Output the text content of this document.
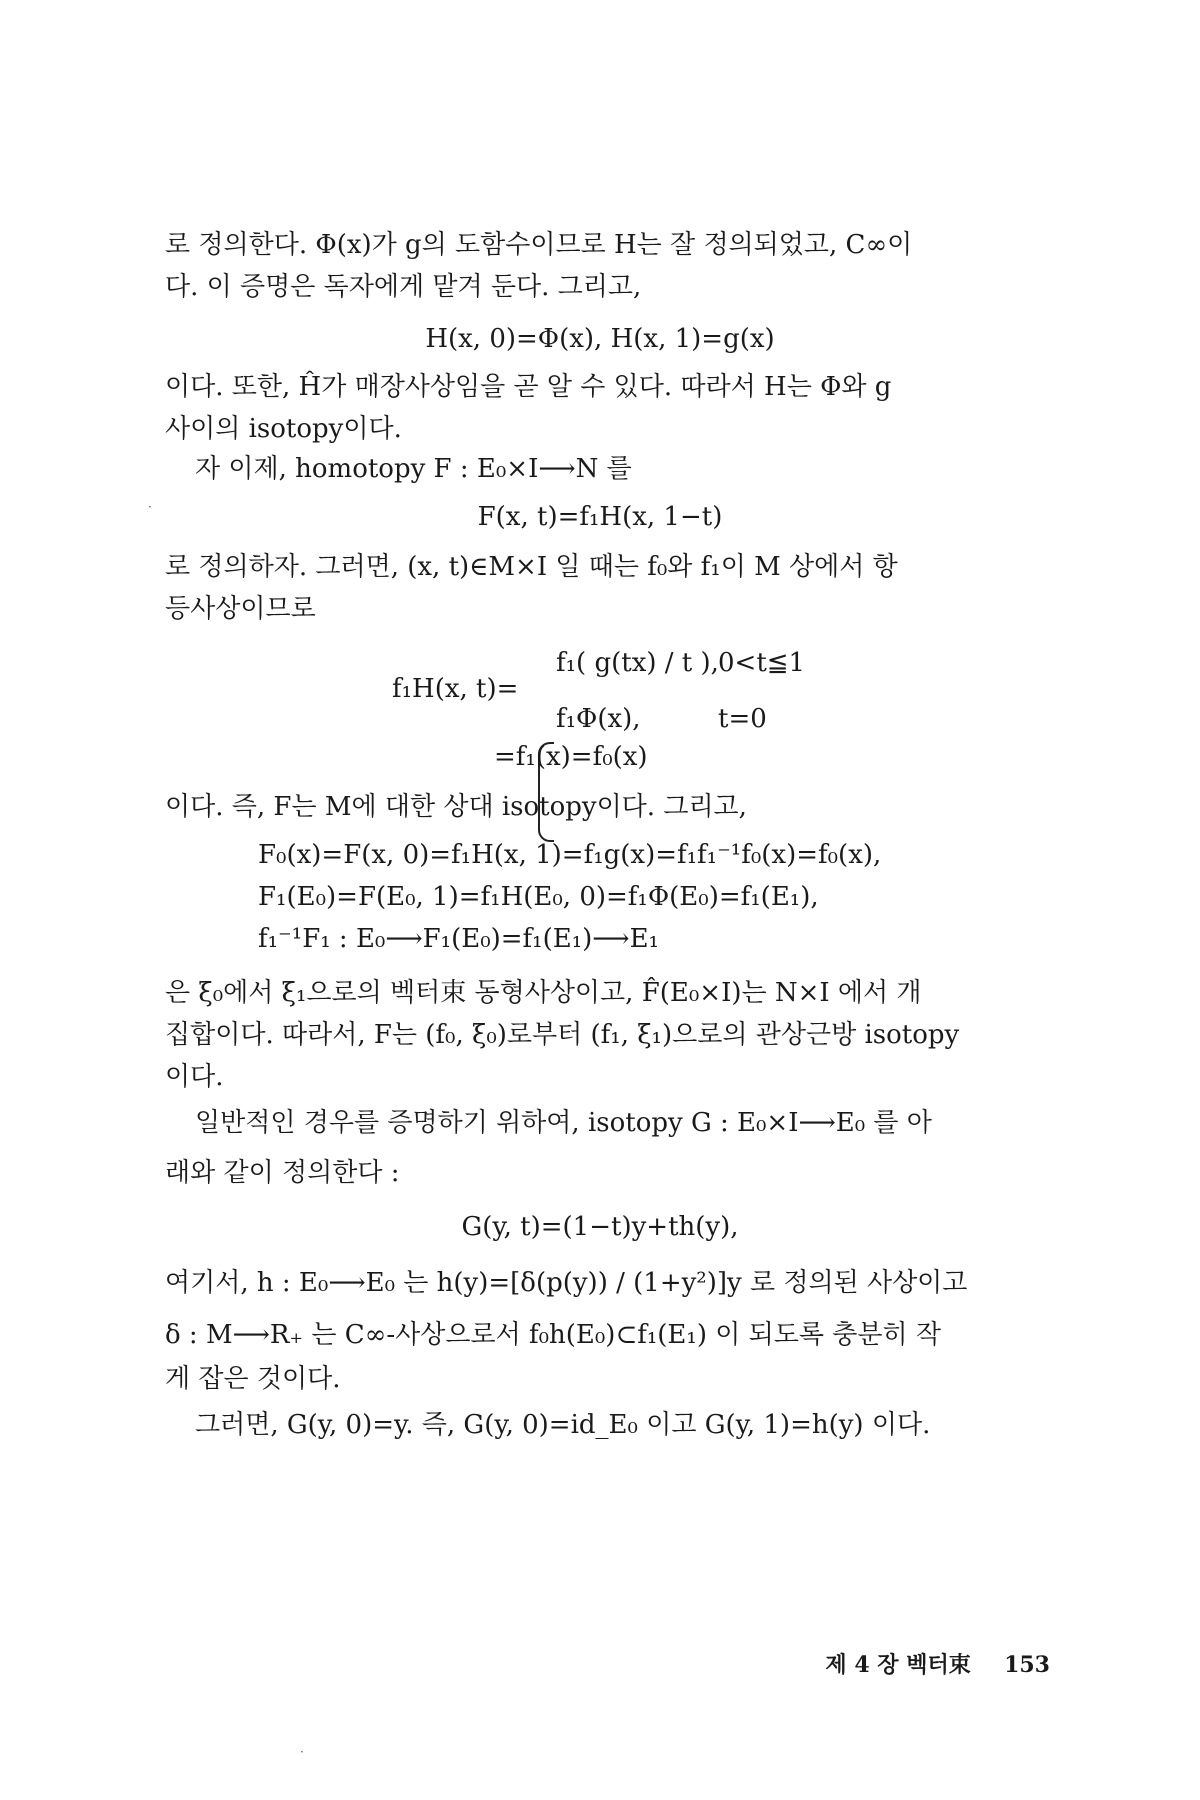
로 정의한다. Φ(x)가 g의 도함수이므로 H는 잘 정의되었고, C∞이
다. 이 증명은 독자에게 맡겨 둔다. 그리고,
H(x, 0)=Φ(x), H(x, 1)=g(x)
이다. 또한, Ĥ가 매장사상임을 곧 알 수 있다. 따라서 H는 Φ와 g
사이의 isotopy이다.
자 이제, homotopy F : E₀×I⟶N 를
·	F(x, t)=f₁H(x, 1−t)
로 정의하자. 그러면, (x, t)∈M×I 일 때는 f₀와 f₁이 M 상에서 항
등사상이므로
f₁H(x, t)=
f₁( g(tx) / t ), 0<t≦1
f₁Φ(x),	t=0
=f₁(x)=f₀(x)
이다. 즉, F는 M에 대한 상대 isotopy이다. 그리고,
F₀(x)=F(x, 0)=f₁H(x, 1)=f₁g(x)=f₁f₁⁻¹f₀(x)=f₀(x),
F₁(E₀)=F(E₀, 1)=f₁H(E₀, 0)=f₁Φ(E₀)=f₁(E₁),
f₁⁻¹F₁ : E₀⟶F₁(E₀)=f₁(E₁)⟶E₁
은 ξ₀에서 ξ₁으로의 벡터束 동형사상이고, F̂(E₀×I)는 N×I 에서 개
집합이다. 따라서, F는 (f₀, ξ₀)로부터 (f₁, ξ₁)으로의 관상근방 isotopy
이다.
일반적인 경우를 증명하기 위하여, isotopy G : E₀×I⟶E₀ 를 아
래와 같이 정의한다 :
G(y, t)=(1−t)y+th(y),
여기서, h : E₀⟶E₀ 는 h(y)=[δ(p(y)) / (1+y²)]y 로 정의된 사상이고
δ : M⟶R₊ 는 C∞-사상으로서 f₀h(E₀)⊂f₁(E₁) 이 되도록 충분히 작
게 잡은 것이다.
그러면, G(y, 0)=y. 즉, G(y, 0)=id_E₀ 이고 G(y, 1)=h(y) 이다.
제 4 장 벡터束 153
·
